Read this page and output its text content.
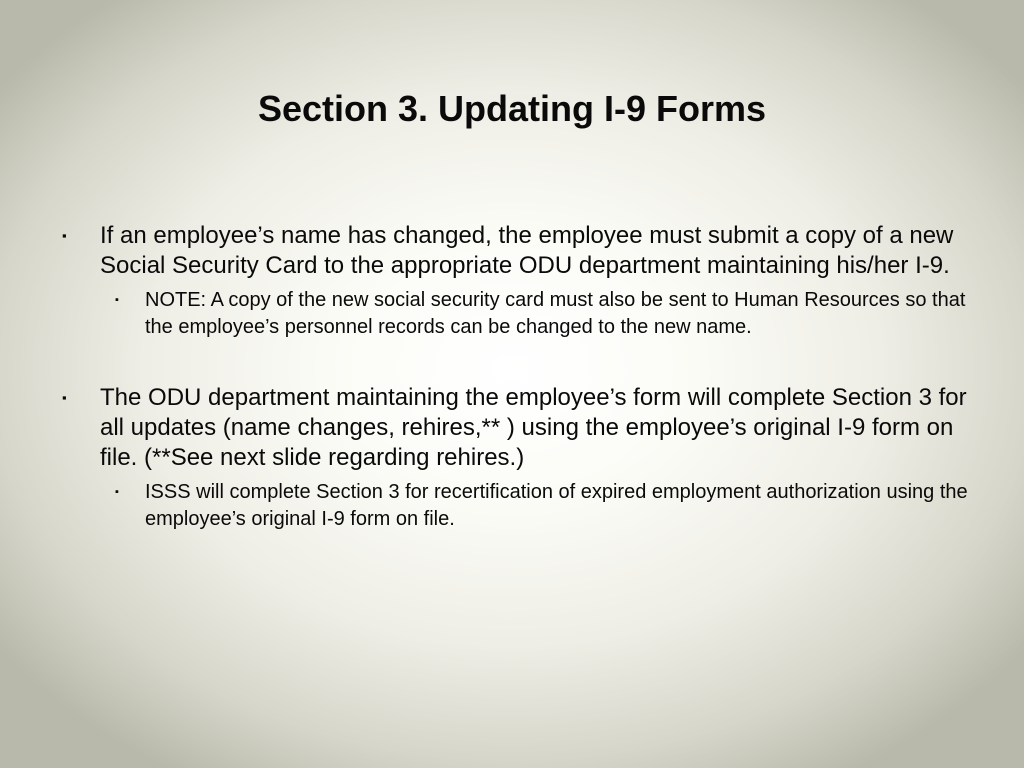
Section 3. Updating I-9 Forms
▪ If an employee’s name has changed, the employee must submit a copy of a new Social Security Card to the appropriate ODU department maintaining his/her I-9.
▪ NOTE: A copy of the new social security card must also be sent to Human Resources so that the employee’s personnel records can be changed to the new name.
▪ The ODU department maintaining the employee’s form will complete Section 3 for all updates (name changes, rehires,** ) using the employee’s original I-9 form on file. (**See next slide regarding rehires.)
▪ ISSS will complete Section 3 for recertification of expired employment authorization using the employee’s original I-9 form on file.
